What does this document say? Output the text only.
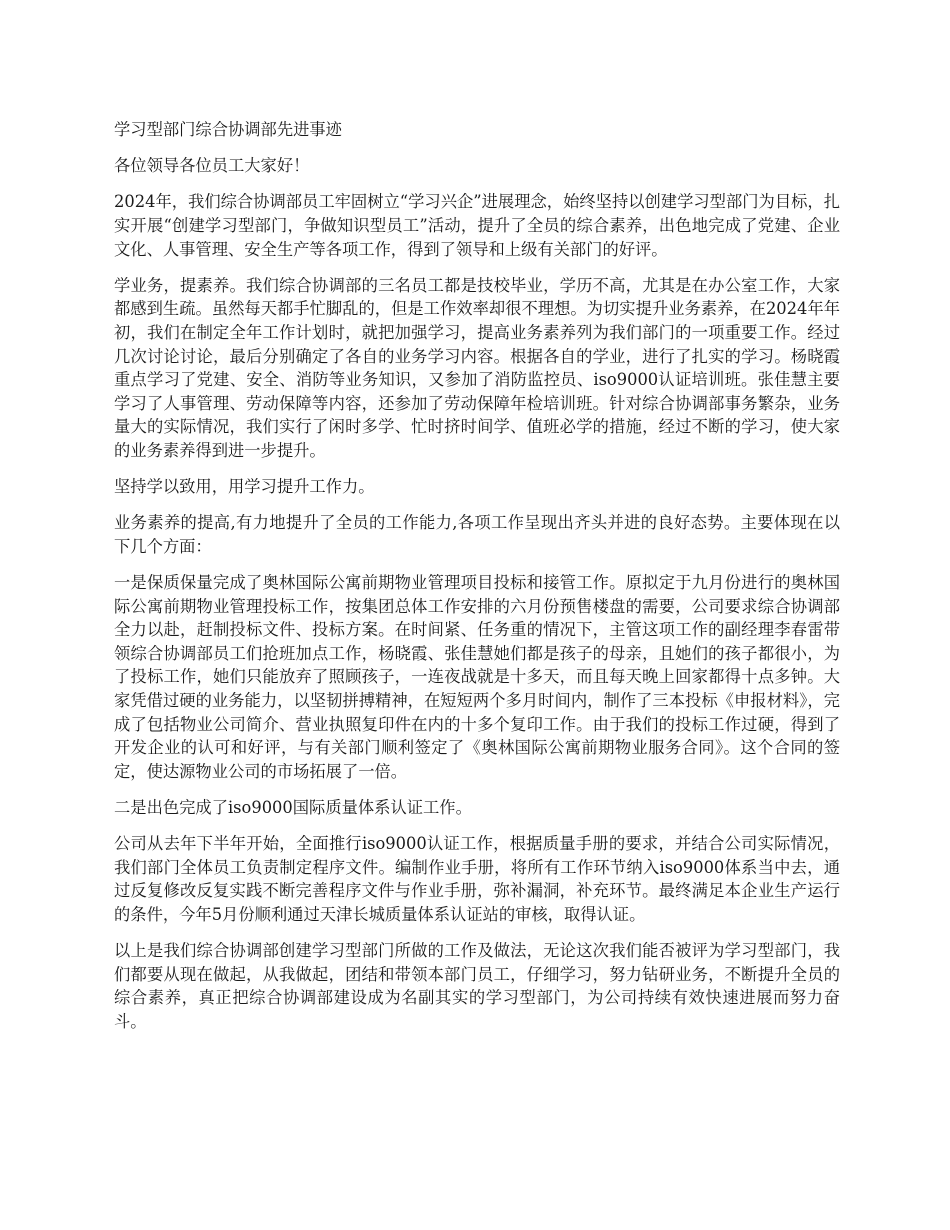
学习型部门综合协调部先进事迹

各位领导各位员工大家好！

2024年，我们综合协调部员工牢固树立“学习兴企”进展理念，始终坚持以创建学习型部门为目标，扎实开展“创建学习型部门，争做知识型员工”活动，提升了全员的综合素养，出色地完成了党建、企业文化、人事管理、安全生产等各项工作，得到了领导和上级有关部门的好评。

学业务，提素养。我们综合协调部的三名员工都是技校毕业，学历不高，尤其是在办公室工作，大家都感到生疏。虽然每天都手忙脚乱的，但是工作效率却很不理想。为切实提升业务素养，在2024年年初，我们在制定全年工作计划时，就把加强学习，提高业务素养列为我们部门的一项重要工作。经过几次讨论讨论，最后分别确定了各自的业务学习内容。根据各自的学业，进行了扎实的学习。杨晓霞重点学习了党建、安全、消防等业务知识，又参加了消防监控员、iso9000认证培训班。张佳慧主要学习了人事管理、劳动保障等内容，还参加了劳动保障年检培训班。针对综合协调部事务繁杂，业务量大的实际情况，我们实行了闲时多学、忙时挤时间学、值班必学的措施，经过不断的学习，使大家的业务素养得到进一步提升。

坚持学以致用，用学习提升工作力。

业务素养的提高,有力地提升了全员的工作能力,各项工作呈现出齐头并进的良好态势。主要体现在以下几个方面：

一是保质保量完成了奥林国际公寓前期物业管理项目投标和接管工作。原拟定于九月份进行的奥林国际公寓前期物业管理投标工作，按集团总体工作安排的六月份预售楼盘的需要，公司要求综合协调部全力以赴，赶制投标文件、投标方案。在时间紧、任务重的情况下，主管这项工作的副经理李春雷带领综合协调部员工们抢班加点工作，杨晓霞、张佳慧她们都是孩子的母亲，且她们的孩子都很小，为了投标工作，她们只能放弃了照顾孩子，一连夜战就是十多天，而且每天晚上回家都得十点多钟。大家凭借过硬的业务能力，以坚韧拼搏精神，在短短两个多月时间内，制作了三本投标《申报材料》，完成了包括物业公司简介、营业执照复印件在内的十多个复印工作。由于我们的投标工作过硬，得到了开发企业的认可和好评，与有关部门顺利签定了《奥林国际公寓前期物业服务合同》。这个合同的签定，使达源物业公司的市场拓展了一倍。

二是出色完成了iso9000国际质量体系认证工作。

公司从去年下半年开始，全面推行iso9000认证工作，根据质量手册的要求，并结合公司实际情况，我们部门全体员工负责制定程序文件。编制作业手册，将所有工作环节纳入iso9000体系当中去，通过反复修改反复实践不断完善程序文件与作业手册，弥补漏洞，补充环节。最终满足本企业生产运行的条件，今年5月份顺利通过天津长城质量体系认证站的审核，取得认证。

以上是我们综合协调部创建学习型部门所做的工作及做法，无论这次我们能否被评为学习型部门，我们都要从现在做起，从我做起，团结和带领本部门员工，仔细学习，努力钻研业务，不断提升全员的综合素养，真正把综合协调部建设成为名副其实的学习型部门，为公司持续有效快速进展而努力奋斗。
